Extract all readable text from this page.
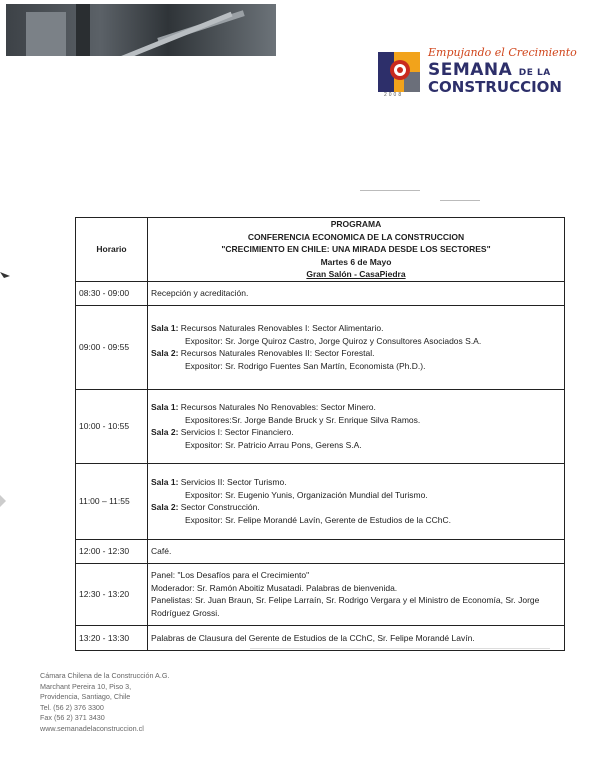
Empujando el Crecimiento
SEMANA DE LA
CONSTRUCCION
2008
Horario	PROGRAMA
CONFERENCIA ECONOMICA DE LA CONSTRUCCION
"CRECIMIENTO EN CHILE: UNA MIRADA DESDE LOS SECTORES"
Martes 6 de Mayo
Gran Salón - CasaPiedra

08:30 - 09:00	Recepción y acreditación.
09:00 - 09:55	Sala 1: Recursos Naturales Renovables I: Sector Alimentario.
Expositor: Sr. Jorge Quiroz Castro, Jorge Quiroz y Consultores Asociados S.A.
Sala 2: Recursos Naturales Renovables II: Sector Forestal.
Expositor: Sr. Rodrigo Fuentes San Martín, Economista (Ph.D.).

10:00 - 10:55	Sala 1: Recursos Naturales No Renovables: Sector Minero.
Expositores:Sr. Jorge Bande Bruck y Sr. Enrique Silva Ramos.
Sala 2: Servicios I: Sector Financiero.
Expositor: Sr. Patricio Arrau Pons, Gerens S.A.

11:00 – 11:55	Sala 1: Servicios II: Sector Turismo.
Expositor: Sr. Eugenio Yunis, Organización Mundial del Turismo.
Sala 2: Sector Construcción.
Expositor: Sr. Felipe Morandé Lavín, Gerente de Estudios de la CChC.

12:00 - 12:30	Café.
12:30 - 13:20	Panel: "Los Desafíos para el Crecimiento"
Moderador: Sr. Ramón Aboitiz Musatadi. Palabras de bienvenida.
Panelistas: Sr. Juan Braun, Sr. Felipe Larraín, Sr. Rodrigo Vergara y el Ministro de Economía, Sr. Jorge Rodríguez Grossi.

13:20 - 13:30	Palabras de Clausura del Gerente de Estudios de la CChC, Sr. Felipe Morandé Lavín.
Cámara Chilena de la Construcción A.G.
Marchant Pereira 10, Piso 3,
Providencia, Santiago, Chile
Tel. (56 2) 376 3300
Fax (56 2) 371 3430
www.semanadelaconstruccion.cl
